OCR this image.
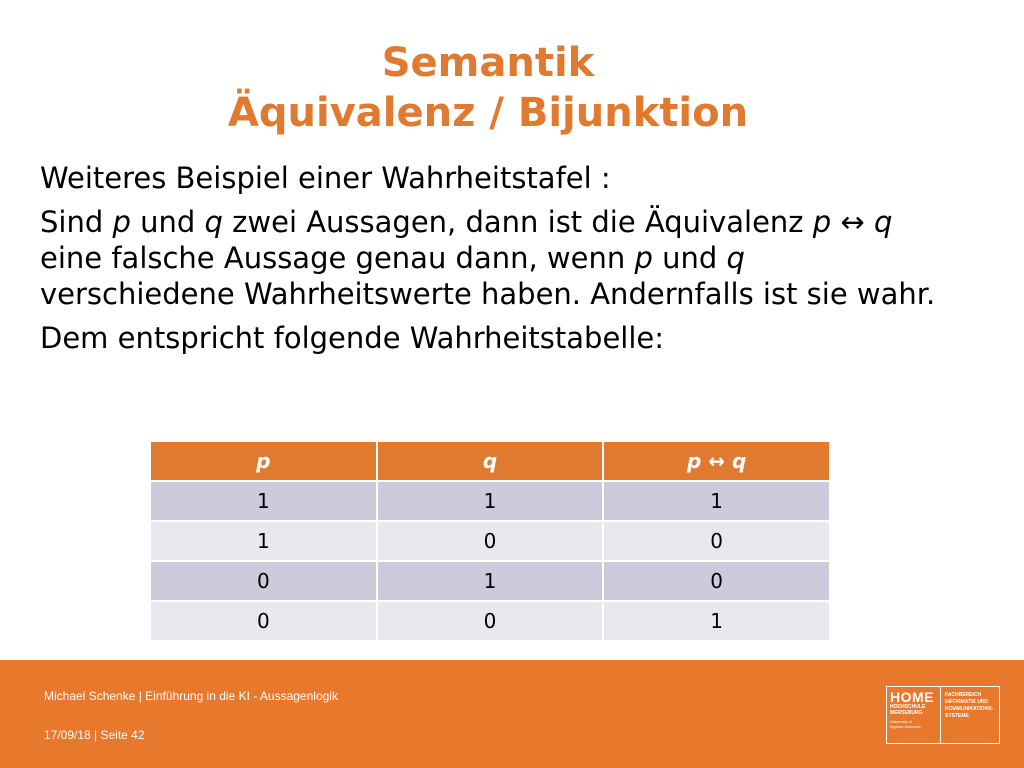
Semantik
Äquivalenz / Bijunktion

Weiteres Beispiel einer Wahrheitstafel :

Sind p und q zwei Aussagen, dann ist die Äquivalenz p ↔ q eine falsche Aussage genau dann, wenn p und q verschiedene Wahrheitswerte haben. Andernfalls ist sie wahr.

Dem entspricht folgende Wahrheitstabelle:

p	q	p ↔ q
1	1	1
1	0	0
0	1	0
0	0	1
Michael Schenke | Einführung in die KI - Aussagenlogik
17/09/18 | Seite 42
HOME
HOCHSCHULE
MERSEBURG
University of
Applied Sciences
FACHBEREICH
INFORMATIK UND
KOMMUNIKATIONS-
SYSTEME
